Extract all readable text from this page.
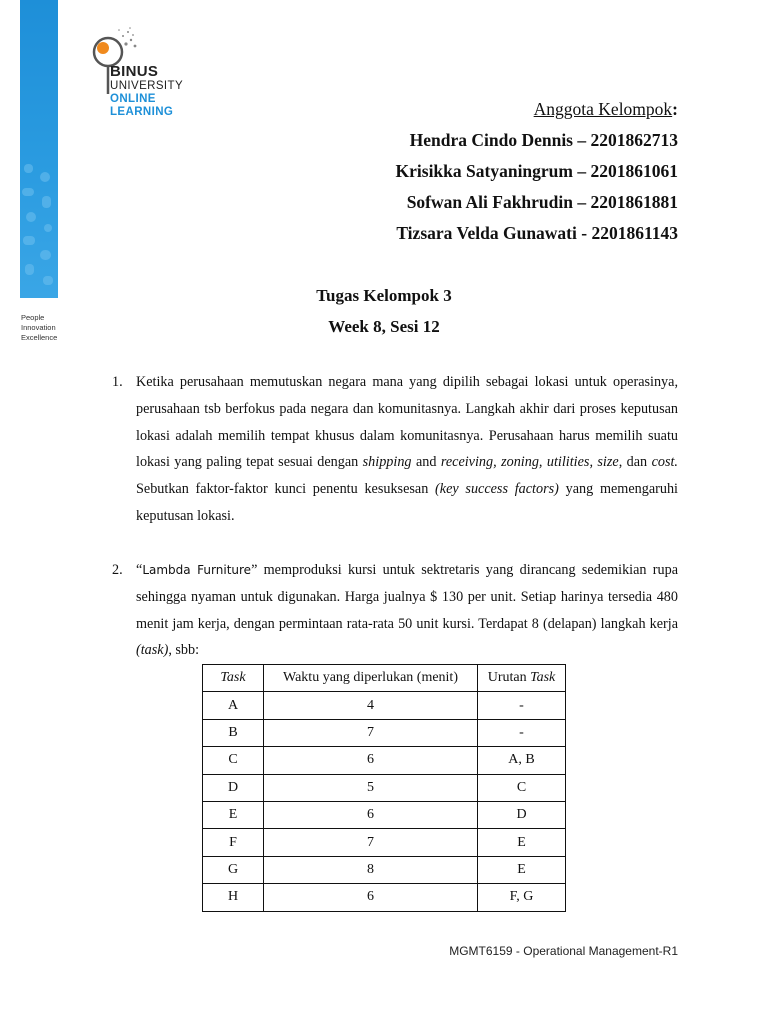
People
Innovation
Excellence
BINUS
UNIVERSITY
ONLINE
LEARNING	Anggota Kelompok:
Hendra Cindo Dennis – 2201862713
Krisikka Satyaningrum – 2201861061
Sofwan Ali Fakhrudin – 2201861881
Tizsara Velda Gunawati - 2201861143
Tugas Kelompok 3
Week 8, Sesi 12
1. Ketika perusahaan memutuskan negara mana yang dipilih sebagai lokasi untuk operasinya, perusahaan tsb berfokus pada negara dan komunitasnya. Langkah akhir dari proses keputusan lokasi adalah memilih tempat khusus dalam komunitasnya. Perusahaan harus memilih suatu lokasi yang paling tepat sesuai dengan shipping and receiving, zoning, utilities, size, dan cost. Sebutkan faktor-faktor kunci penentu kesuksesan (key success factors) yang memengaruhi keputusan lokasi.
2. “Lambda Furniture” memproduksi kursi untuk sektretaris yang dirancang sedemikian rupa sehingga nyaman untuk digunakan. Harga jualnya $ 130 per unit. Setiap harinya tersedia 480 menit jam kerja, dengan permintaan rata-rata 50 unit kursi. Terdapat 8 (delapan) langkah kerja (task), sbb:
Task	Waktu yang diperlukan (menit)	Urutan Task
A	4	-
B	7	-
C	6	A, B
D	5	C
E	6	D
F	7	E
G	8	E
H	6	F, G
MGMT6159 - Operational Management-R1
